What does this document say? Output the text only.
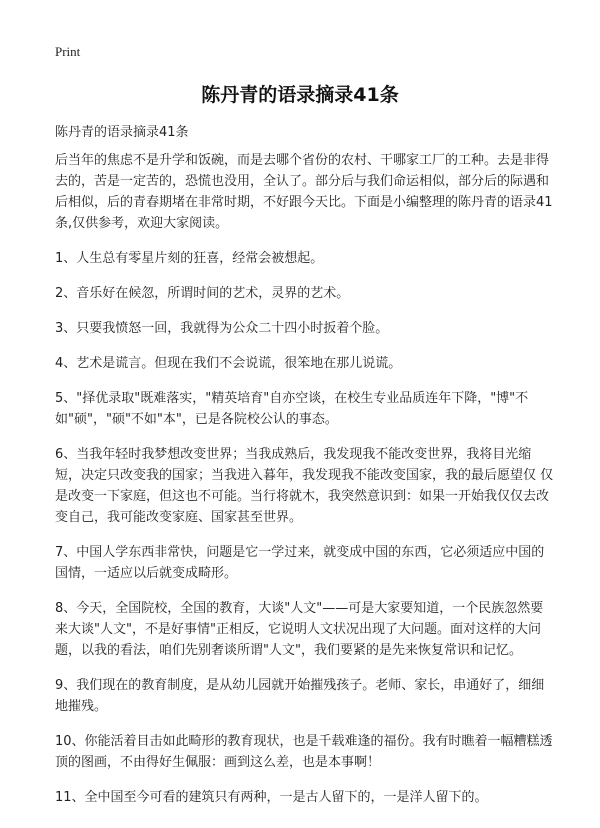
Print
陈丹青的语录摘录41条
陈丹青的语录摘录41条

后当年的焦虑不是升学和饭碗，而是去哪个省份的农村、干哪家工厂的工种。去是非得去的，苦是一定苦的，恐慌也没用，全认了。部分后与我们命运相似，部分后的际遇和后相似，后的青春期堵在非常时期，不好跟今天比。下面是小编整理的陈丹青的语录41条,仅供参考，欢迎大家阅读。

1、人生总有零星片刻的狂喜，经常会被想起。

2、音乐好在候忽，所谓时间的艺术，灵界的艺术。

3、只要我愤怒一回，我就得为公众二十四小时扳着个脸。

4、艺术是谎言。但现在我们不会说谎，很笨地在那儿说谎。

5、"择优录取"既难落实，"精英培育"自亦空谈，在校生专业品质连年下降，"博"不如"硕"，"硕"不如"本"，已是各院校公认的事态。

6、当我年轻时我梦想改变世界；当我成熟后，我发现我不能改变世界，我将目光缩短，决定只改变我的国家；当我进入暮年，我发现我不能改变国家，我的最后愿望仅 仅是改变一下家庭，但这也不可能。当行将就木，我突然意识到：如果一开始我仅仅去改变自己，我可能改变家庭、国家甚至世界。

7、中国人学东西非常快，问题是它一学过来，就变成中国的东西，它必须适应中国的国情，一适应以后就变成畸形。

8、今天，全国院校，全国的教育，大谈"人文"——可是大家要知道，一个民族忽然要来大谈"人文"，不是好事情"正相反，它说明人文状况出现了大问题。面对这样的大问题，以我的看法，咱们先别奢谈所谓"人文"，我们要紧的是先来恢复常识和记忆。

9、我们现在的教育制度，是从幼儿园就开始摧残孩子。老师、家长，串通好了，细细地摧残。

10、你能活着目击如此畸形的教育现状，也是千载难逢的福份。我有时瞧着一幅糟糕透顶的图画，不由得好生佩服：画到这么差，也是本事啊！

11、全中国至今可看的建筑只有两种，一是古人留下的，一是洋人留下的。
